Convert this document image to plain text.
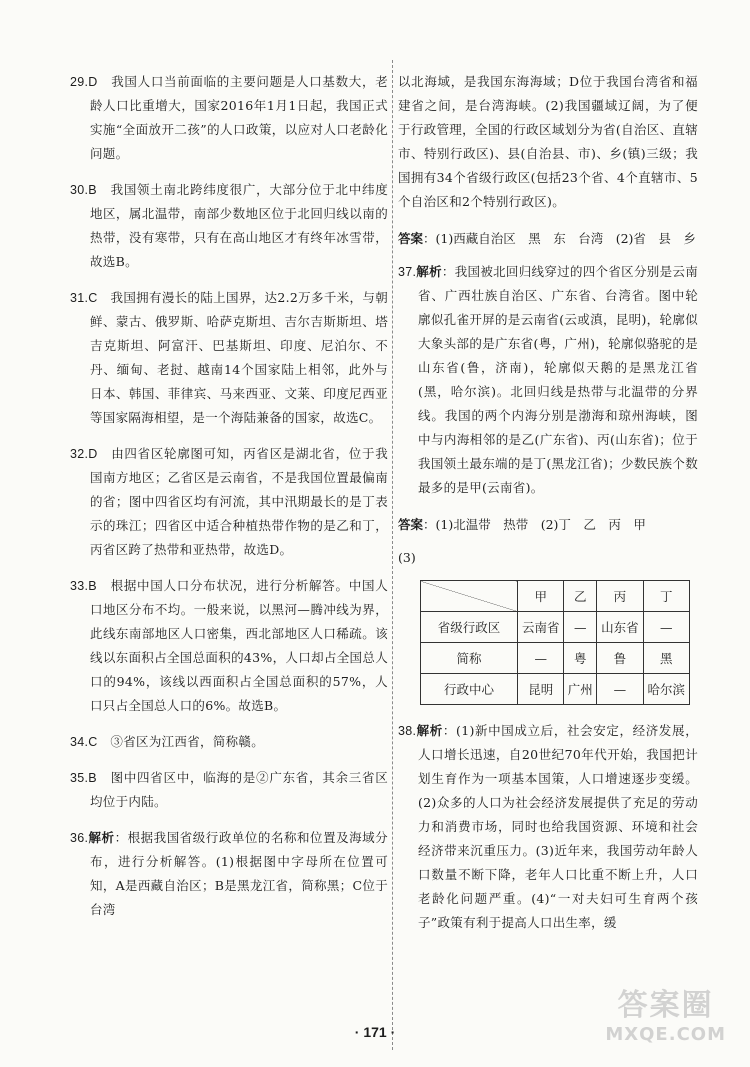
29.D　 我国人口当前面临的主要问题是人口基数大，老龄人口比重增大，国家2016年1月1日起，我国正式实施“全面放开二孩”的人口政策，以应对人口老龄化问题。

30.B　 我国领土南北跨纬度很广，大部分位于北中纬度地区，属北温带，南部少数地区位于北回归线以南的热带，没有寒带，只有在高山地区才有终年冰雪带，故选B。

31.C　 我国拥有漫长的陆上国界，达2.2万多千米，与朝鲜、蒙古、俄罗斯、哈萨克斯坦、吉尔吉斯斯坦、塔吉克斯坦、阿富汗、巴基斯坦、印度、尼泊尔、不丹、缅甸、老挝、越南14个国家陆上相邻，此外与日本、韩国、菲律宾、马来西亚、文莱、印度尼西亚等国家隔海相望，是一个海陆兼备的国家，故选C。

32.D　 由四省区轮廓图可知，丙省区是湖北省，位于我国南方地区；乙省区是云南省，不是我国位置最偏南的省；图中四省区均有河流，其中汛期最长的是丁表示的珠江；四省区中适合种植热带作物的是乙和丁，丙省区跨了热带和亚热带，故选D。

33.B　 根据中国人口分布状况，进行分析解答。中国人口地区分布不均。一般来说，以黑河—腾冲线为界，此线东南部地区人口密集，西北部地区人口稀疏。该线以东面积占全国总面积的43%，人口却占全国总人口的94%，该线以西面积占全国总面积的57%，人口只占全国总人口的6%。故选B。

34.C　 ③省区为江西省，简称赣。

35.B　 图中四省区中，临海的是②广东省，其余三省区均位于内陆。

36.解析：根据我国省级行政单位的名称和位置及海域分布，进行分析解答。(1)根据图中字母所在位置可知，A是西藏自治区；B是黑龙江省，简称黑；C位于台湾

以北海域，是我国东海海域；D位于我国台湾省和福建省之间，是台湾海峡。(2)我国疆域辽阔，为了便于行政管理，全国的行政区域划分为省(自治区、直辖市、特别行政区)、县(自治县、市)、乡(镇)三级；我国拥有34个省级行政区(包括23个省、4个直辖市、5个自治区和2个特别行政区)。

答案：(1)西藏自治区　黑　东　台湾　(2)省　县　乡

37.解析：我国被北回归线穿过的四个省区分别是云南省、广西壮族自治区、广东省、台湾省。图中轮廓似孔雀开屏的是云南省(云或滇，昆明)，轮廓似大象头部的是广东省(粤，广州)，轮廓似骆驼的是山东省(鲁，济南)，轮廓似天鹅的是黑龙江省(黑，哈尔滨)。北回归线是热带与北温带的分界线。我国的两个内海分别是渤海和琼州海峡，图中与内海相邻的是乙(广东省)、丙(山东省)；位于我国领土最东端的是丁(黑龙江省)；少数民族个数最多的是甲(云南省)。

答案：(1)北温带　热带　(2)丁　乙　丙　甲

(3)

	甲	乙	丙	丁
省级行政区	云南省	—	山东省	—
简称	—	粤	鲁	黑
行政中心	昆明	广州	—	哈尔滨

38.解析：(1)新中国成立后，社会安定，经济发展，人口增长迅速，自20世纪70年代开始，我国把计划生育作为一项基本国策，人口增速逐步变缓。(2)众多的人口为社会经济发展提供了充足的劳动力和消费市场，同时也给我国资源、环境和社会经济带来沉重压力。(3)近年来，我国劳动年龄人口数量不断下降，老年人口比重不断上升，人口老龄化问题严重。(4)“一对夫妇可生育两个孩子”政策有利于提高人口出生率，缓

· 171 ·
答案圈
MXQE.COM
